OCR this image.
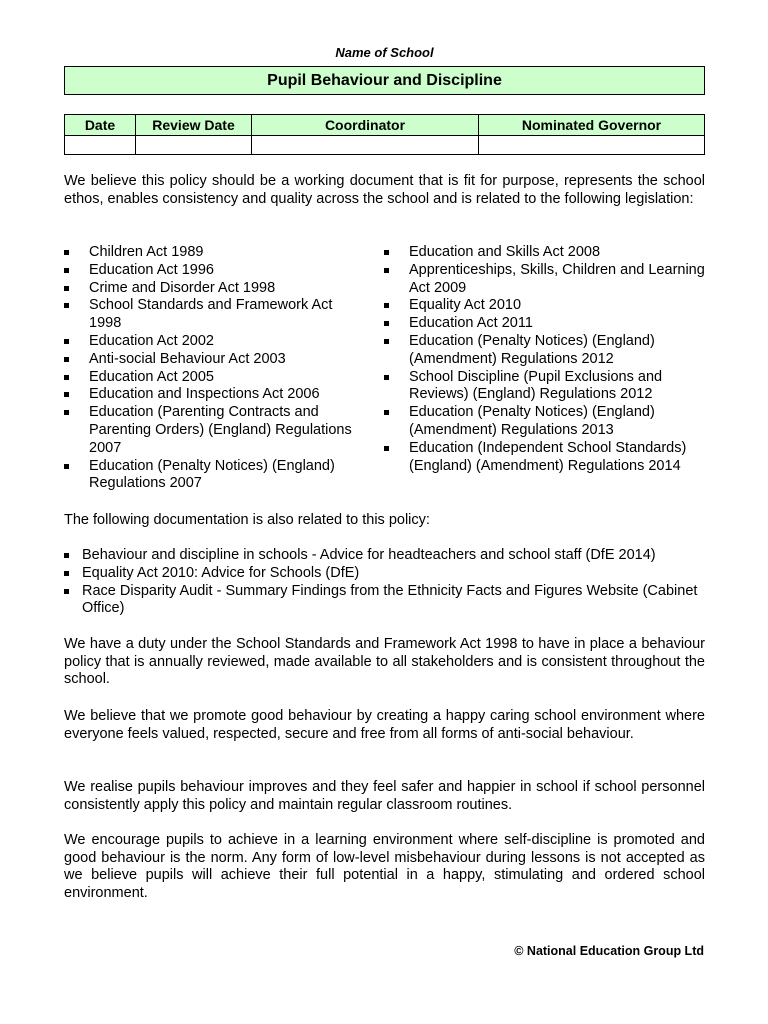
Name of School
Pupil Behaviour and Discipline
Date	Review Date	Coordinator	Nominated Governor

We believe this policy should be a working document that is fit for purpose, represents the school ethos, enables consistency and quality across the school and is related to the following legislation:

Children Act 1989
Education Act 1996
Crime and Disorder Act 1998
School Standards and Framework Act 1998
Education Act 2002
Anti-social Behaviour Act 2003
Education Act 2005
Education and Inspections Act 2006
Education (Parenting Contracts and Parenting Orders) (England) Regulations 2007
Education (Penalty Notices) (England) Regulations 2007
Education and Skills Act 2008
Apprenticeships, Skills, Children and Learning Act 2009
Equality Act 2010
Education Act 2011
Education (Penalty Notices) (England) (Amendment) Regulations 2012
School Discipline (Pupil Exclusions and Reviews) (England) Regulations 2012
Education (Penalty Notices) (England) (Amendment) Regulations 2013
Education (Independent School Standards) (England) (Amendment) Regulations 2014

The following documentation is also related to this policy:

Behaviour and discipline in schools - Advice for headteachers and school staff (DfE 2014)
Equality Act 2010: Advice for Schools (DfE)
Race Disparity Audit - Summary Findings from the Ethnicity Facts and Figures Website (Cabinet Office)

We have a duty under the School Standards and Framework Act 1998 to have in place a behaviour policy that is annually reviewed, made available to all stakeholders and is consistent throughout the school.

We believe that we promote good behaviour by creating a happy caring school environment where everyone feels valued, respected, secure and free from all forms of anti-social behaviour.

We realise pupils behaviour improves and they feel safer and happier in school if school personnel consistently apply this policy and maintain regular classroom routines.

We encourage pupils to achieve in a learning environment where self-discipline is promoted and good behaviour is the norm. Any form of low-level misbehaviour during lessons is not accepted as we believe pupils will achieve their full potential in a happy, stimulating and ordered school environment.

© National Education Group Ltd
